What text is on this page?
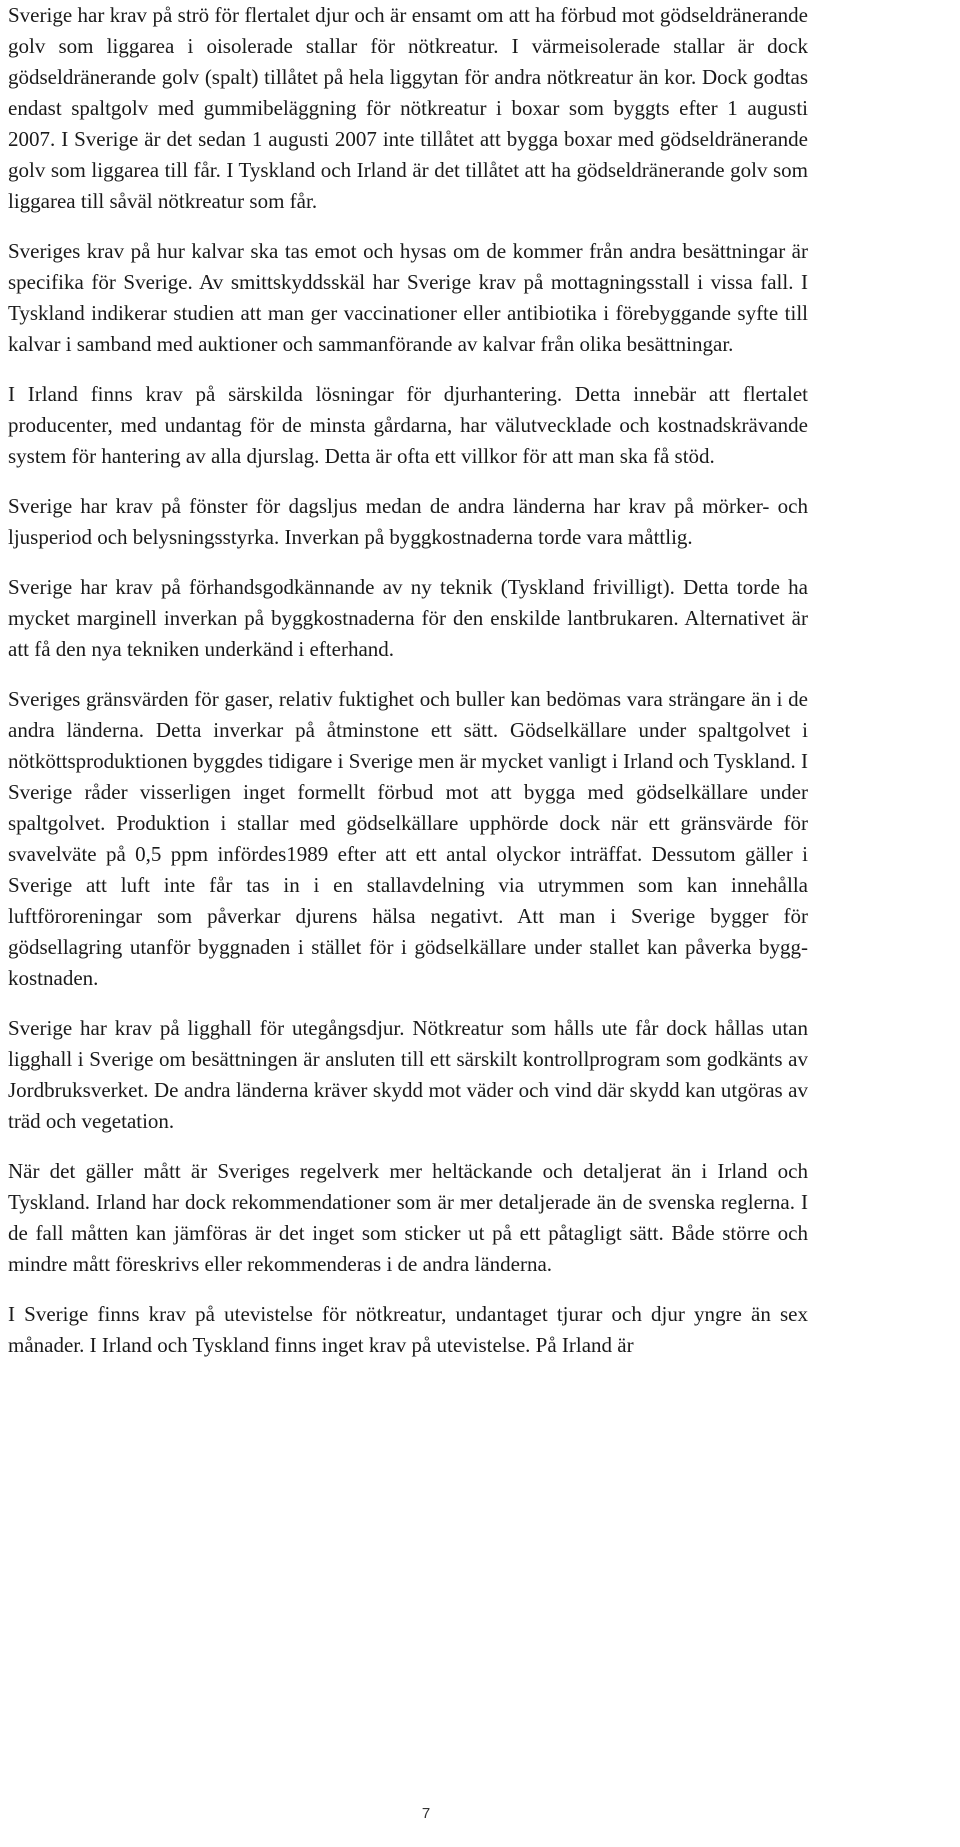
Sverige har krav på strö för flertalet djur och är ensamt om att ha förbud mot gödseldränerande golv som liggarea i oisolerade stallar för nötkreatur. I värmeisolerade stallar är dock gödseldränerande golv (spalt) tillåtet på hela liggytan för andra nötkreatur än kor. Dock godtas endast spaltgolv med gummibeläggning för nötkreatur i boxar som byggts efter 1 augusti 2007. I Sverige är det sedan 1 augusti 2007 inte tillåtet att bygga boxar med gödseldränerande golv som liggarea till får. I Tyskland och Irland är det tillåtet att ha gödseldränerande golv som liggarea till såväl nötkreatur som får.

Sveriges krav på hur kalvar ska tas emot och hysas om de kommer från andra besättningar är specifika för Sverige. Av smittskyddsskäl har Sverige krav på mottagningsstall i vissa fall. I Tyskland indikerar studien att man ger vaccinationer eller antibiotika i förebyggande syfte till kalvar i samband med auktioner och sammanförande av kalvar från olika besättningar.

I Irland finns krav på särskilda lösningar för djurhantering. Detta innebär att flertalet producenter, med undantag för de minsta gårdarna, har välutvecklade och kostnadskrävande system för hantering av alla djurslag. Detta är ofta ett villkor för att man ska få stöd.

Sverige har krav på fönster för dagsljus medan de andra länderna har krav på mörker- och ljusperiod och belysningsstyrka. Inverkan på byggkostnaderna torde vara måttlig.

Sverige har krav på förhandsgodkännande av ny teknik (Tyskland frivilligt). Detta torde ha mycket marginell inverkan på byggkostnaderna för den enskilde lantbrukaren. Alternativet är att få den nya tekniken underkänd i efterhand.

Sveriges gränsvärden för gaser, relativ fuktighet och buller kan bedömas vara strängare än i de andra länderna. Detta inverkar på åtminstone ett sätt. Gödselkällare under spaltgolvet i nötköttsproduktionen byggdes tidigare i Sverige men är mycket vanligt i Irland och Tyskland. I Sverige råder visserligen inget formellt förbud mot att bygga med gödselkällare under spaltgolvet. Produktion i stallar med gödselkällare upphörde dock när ett gränsvärde för svavelväte på 0,5 ppm infördes1989 efter att ett antal olyckor inträffat. Dessutom gäller i Sverige att luft inte får tas in i en stallavdelning via utrymmen som kan innehålla luftföroreningar som påverkar djurens hälsa negativt. Att man i Sverige bygger för gödsellagring utanför byggnaden i stället för i gödselkällare under stallet kan påverka byggkostnaden.

Sverige har krav på ligghall för utegångsdjur. Nötkreatur som hålls ute får dock hållas utan ligghall i Sverige om besättningen är ansluten till ett särskilt kontrollprogram som godkänts av Jordbruksverket. De andra länderna kräver skydd mot väder och vind där skydd kan utgöras av träd och vegetation.

När det gäller mått är Sveriges regelverk mer heltäckande och detaljerat än i Irland och Tyskland. Irland har dock rekommendationer som är mer detaljerade än de svenska reglerna. I de fall måtten kan jämföras är det inget som sticker ut på ett påtagligt sätt. Både större och mindre mått föreskrivs eller rekommenderas i de andra länderna.

I Sverige finns krav på utevistelse för nötkreatur, undantaget tjurar och djur yngre än sex månader. I Irland och Tyskland finns inget krav på utevistelse. På Irland är

7
